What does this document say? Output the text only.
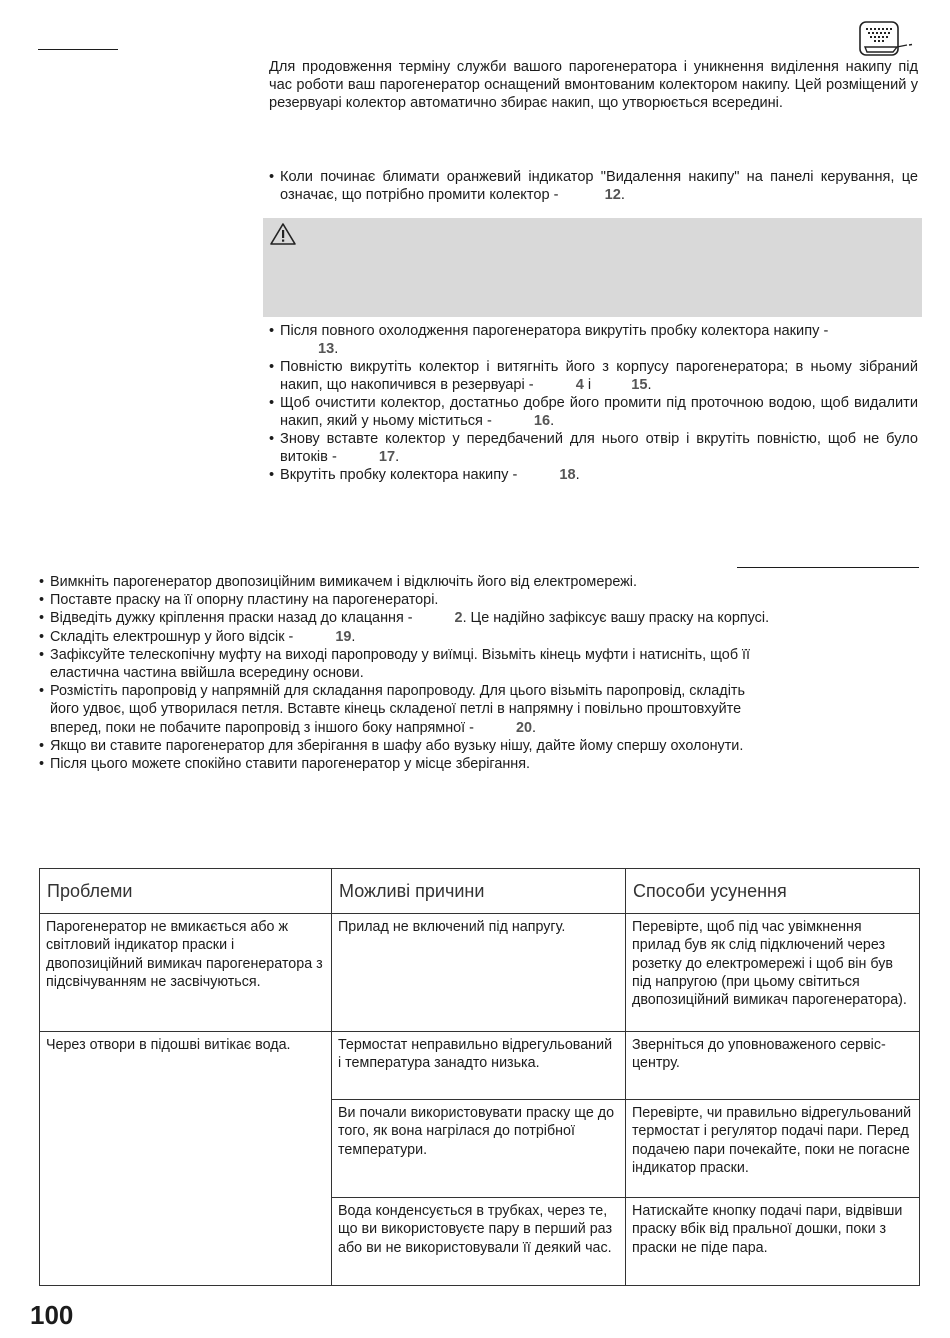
Для продовження терміну служби вашого парогенератора і уникнення виділення накипу під час роботи ваш парогенератор оснащений вмонтованим колектором накипу. Цей розміщений у резервуарі колектор автоматично збирає накип, що утворюється всередині.
• Коли починає блимати оранжевий індикатор "Видалення накипу" на панелі керування, це означає, що потрібно промити колектор -	12.
• Після повного охолодження парогенератора викрутіть пробку колектора накипу -
13.
• Повністю викрутіть колектор і витягніть його з корпусу парогенератора; в ньому зібраний накип, що накопичився в резервуарі -	4 і	15.
• Щоб очистити колектор, достатньо добре його промити під проточною водою, щоб видалити накип, який у ньому міститься -	16.
• Знову вставте колектор у передбачений для нього отвір і вкрутіть повністю, щоб не було витоків -	17.
• Вкрутіть пробку колектора накипу -	18.
• Вимкніть парогенератор двопозиційним вимикачем і відключіть його від електромережі.
• Поставте праску на її опорну пластину на парогенераторі.
• Відведіть дужку кріплення праски назад до клацання -	2. Це надійно зафіксує вашу праску на корпусі.
• Складіть електрошнур у його відсік -	19.
• Зафіксуйте телескопічну муфту на виході паропроводу у виїмці. Візьміть кінець муфти і натисніть, щоб її еластична частина ввійшла всередину основи.
• Розмістіть паропровід у напрямній для складання паропроводу. Для цього візьміть паропровід, складіть його удвоє, щоб утворилася петля. Вставте кінець складеної петлі в напрямну і повільно проштовхуйте вперед, поки не побачите паропровід з іншого боку напрямної -	20.
• Якщо ви ставите парогенератор для зберігання в шафу або вузьку нішу, дайте йому спершу охолонути.
• Після цього можете спокійно ставити парогенератор у місце зберігання.
Проблеми	Можливі причини	Способи усунення
Парогенератор не вмикається або ж світловий індикатор праски і двопозиційний вимикач парогенератора з підсвічуванням не засвічуються.	Прилад не включений під напругу.	Перевірте, щоб під час увімкнення прилад був як слід підключений через розетку до електромережі і щоб він був під напругою (при цьому світиться двопозиційний вимикач парогенератора).
Через отвори в підошві витікає вода.	Термостат неправильно відрегульований і температура занадто низька.	Зверніться до уповноваженого сервіс-центру.
	Ви почали використовувати праску ще до того, як вона нагрілася до потрібної температури.	Перевірте, чи правильно відрегульований термостат і регулятор подачі пари. Перед подачею пари почекайте, поки не погасне індикатор праски.
	Вода конденсується в трубках, через те, що ви використовуєте пару в перший раз або ви не використовували її деякий час.	Натискайте кнопку подачі пари, відвівши праску вбік від пральної дошки, поки з праски не піде пара.
100
